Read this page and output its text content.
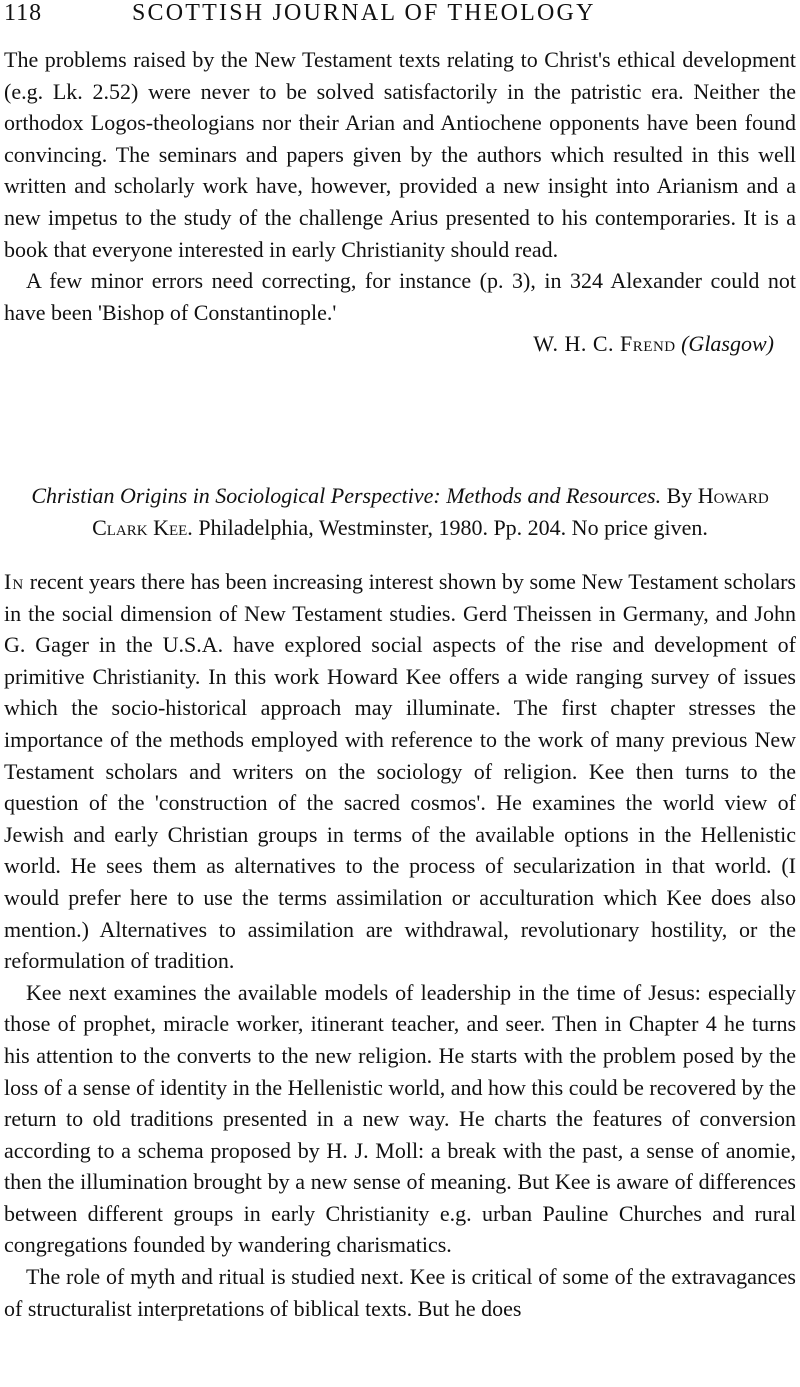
118	SCOTTISH JOURNAL OF THEOLOGY
The problems raised by the New Testament texts relating to Christ's ethical development (e.g. Lk. 2.52) were never to be solved satisfactorily in the patristic era. Neither the orthodox Logos-theologians nor their Arian and Antiochene opponents have been found convincing. The seminars and papers given by the authors which resulted in this well written and scholarly work have, however, provided a new insight into Arianism and a new impetus to the study of the challenge Arius presented to his contemporaries. It is a book that everyone interested in early Christianity should read.
A few minor errors need correcting, for instance (p. 3), in 324 Alexander could not have been 'Bishop of Constantinople.'
W. H. C. Frend (Glasgow)
Christian Origins in Sociological Perspective: Methods and Resources. By Howard Clark Kee. Philadelphia, Westminster, 1980. Pp. 204. No price given.
In recent years there has been increasing interest shown by some New Testament scholars in the social dimension of New Testament studies. Gerd Theissen in Germany, and John G. Gager in the U.S.A. have explored social aspects of the rise and development of primitive Christianity. In this work Howard Kee offers a wide ranging survey of issues which the socio-historical approach may illuminate. The first chapter stresses the importance of the methods employed with reference to the work of many previous New Testament scholars and writers on the sociology of religion. Kee then turns to the question of the 'construction of the sacred cosmos'. He examines the world view of Jewish and early Christian groups in terms of the available options in the Hellenistic world. He sees them as alternatives to the process of secularization in that world. (I would prefer here to use the terms assimilation or acculturation which Kee does also mention.) Alternatives to assimilation are withdrawal, revolutionary hostility, or the reformulation of tradition.
Kee next examines the available models of leadership in the time of Jesus: especially those of prophet, miracle worker, itinerant teacher, and seer. Then in Chapter 4 he turns his attention to the converts to the new religion. He starts with the problem posed by the loss of a sense of identity in the Hellenistic world, and how this could be recovered by the return to old traditions presented in a new way. He charts the features of conversion according to a schema proposed by H. J. Moll: a break with the past, a sense of anomie, then the illumination brought by a new sense of meaning. But Kee is aware of differences between different groups in early Christianity e.g. urban Pauline Churches and rural congregations founded by wandering charismatics.
The role of myth and ritual is studied next. Kee is critical of some of the extravagances of structuralist interpretations of biblical texts. But he does
